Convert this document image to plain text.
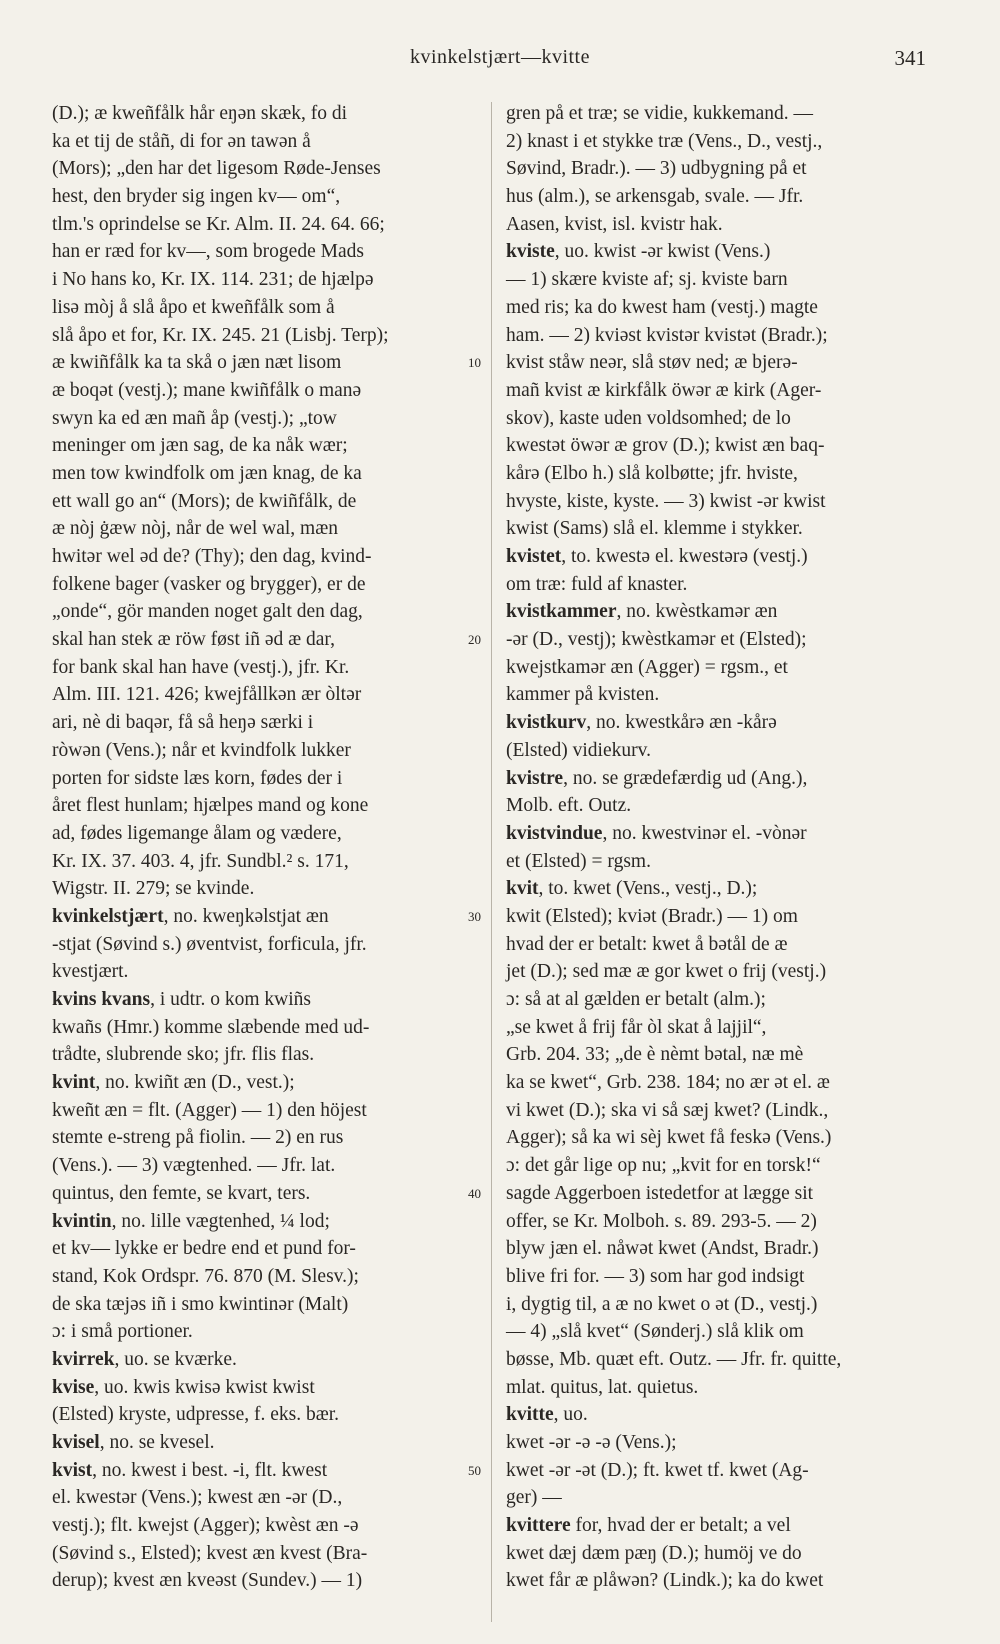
kvinkelstjært—kvitte	341
(D.); æ kweñfålk hår eŋən skæk, fo di
ka et tij de ståñ, di for ən tawən å
(Mors); „den har det ligesom Røde-Jenses
hest, den bryder sig ingen kv— om“,
tlm.'s oprindelse se Kr. Alm. II. 24. 64. 66;
han er ræd for kv—, som brogede Mads
i No hans ko, Kr. IX. 114. 231; de hjælpə
lisə mòj å slå åpo et kweñfålk som å
slå åpo et for, Kr. IX. 245. 21 (Lisbj. Terp);
æ kwiñfålk ka ta skå o jæn næt lisom
æ boqət (vestj.); mane kwiñfålk o manə
swyn ka ed æn mañ åp (vestj.); „tow
meninger om jæn sag, de ka nåk wær;
men tow kwindfolk om jæn knag, de ka
ett wall go an“ (Mors); de kwiñfålk, de
æ nòj ġæw nòj, når de wel wal, mæn
hwitər wel əd de? (Thy); den dag, kvind-
folkene bager (vasker og brygger), er de
„onde“, gör manden noget galt den dag,
skal han stek æ röw føst iñ əd æ dar,
for bank skal han have (vestj.), jfr. Kr.
Alm. III. 121. 426; kwejfållkən ær òltər
ari, nè di baqər, få så heŋə særki i
ròwən (Vens.); når et kvindfolk lukker
porten for sidste læs korn, fødes der i
året flest hunlam; hjælpes mand og kone
ad, fødes ligemange ålam og vædere,
Kr. IX. 37. 403. 4, jfr. Sundbl.² s. 171,
Wigstr. II. 279; se kvinde.
kvinkelstjært, no. kweŋkəlstjat æn
-stjat (Søvind s.) øventvist, forficula, jfr.
kvestjært.
kvins kvans, i udtr. o kom kwiñs
kwañs (Hmr.) komme slæbende med ud-
trådte, slubrende sko; jfr. flis flas.
kvint, no. kwiñt æn (D., vest.);
kweñt æn = flt. (Agger) — 1) den höjest
stemte e-streng på fiolin. — 2) en rus
(Vens.). — 3) vægtenhed. — Jfr. lat.
quintus, den femte, se kvart, ters.
kvintin, no. lille vægtenhed, ¼ lod;
et kv— lykke er bedre end et pund for-
stand, Kok Ordspr. 76. 870 (M. Slesv.);
de ska tæjəs iñ i smo kwintinər (Malt)
ɔ: i små portioner.
kvirrek, uo. se kværke.
kvise, uo. kwis kwisə kwist kwist
(Elsted) kryste, udpresse, f. eks. bær.
kvisel, no. se kvesel.
kvist, no. kwest i best. -i, flt. kwest
el. kwestər (Vens.); kwest æn -ər (D.,
vestj.); flt. kwejst (Agger); kwèst æn -ə
(Søvind s., Elsted); kvest æn kvest (Bra-
derup); kvest æn kveəst (Sundev.) — 1)
10
20
30
40
50
gren på et træ; se vidie, kukkemand. —
2) knast i et stykke træ (Vens., D., vestj.,
Søvind, Bradr.). — 3) udbygning på et
hus (alm.), se arkensgab, svale. — Jfr.
Aasen, kvist, isl. kvistr hak.
kviste, uo. kwist -ər kwist (Vens.)
— 1) skære kviste af; sj. kviste barn
med ris; ka do kwest ham (vestj.) magte
ham. — 2) kviəst kvistər kvistət (Bradr.);
kvist ståw neər, slå støv ned; æ bjerə-
mañ kvist æ kirkfålk öwər æ kirk (Ager-
skov), kaste uden voldsomhed; de lo
kwestət öwər æ grov (D.); kwist æn baq-
kårə (Elbo h.) slå kolbøtte; jfr. hviste,
hvyste, kiste, kyste. — 3) kwist -ər kwist
kwist (Sams) slå el. klemme i stykker.
kvistet, to. kwestə el. kwestərə (vestj.)
om træ: fuld af knaster.
kvistkammer, no. kwèstkamər æn
-ər (D., vestj); kwèstkamər et (Elsted);
kwejstkamər æn (Agger) = rgsm., et
kammer på kvisten.
kvistkurv, no. kwestkårə æn -kårə
(Elsted) vidiekurv.
kvistre, no. se grædefærdig ud (Ang.),
Molb. eft. Outz.
kvistvindue, no. kwestvinər el. -vònər
et (Elsted) = rgsm.
kvit, to. kwet (Vens., vestj., D.);
kwit (Elsted); kviət (Bradr.) — 1) om
hvad der er betalt: kwet å bətål de æ
jet (D.); sed mæ æ gor kwet o frij (vestj.)
ɔ: så at al gælden er betalt (alm.);
„se kwet å frij får òl skat å lajjil“,
Grb. 204. 33; „de è nèmt bətal, næ mè
ka se kwet“, Grb. 238. 184; no ær ət el. æ
vi kwet (D.); ska vi så sæj kwet? (Lindk.,
Agger); så ka wi sèj kwet få feskə (Vens.)
ɔ: det går lige op nu; „kvit for en torsk!“
sagde Aggerboen istedetfor at lægge sit
offer, se Kr. Molboh. s. 89. 293-5. — 2)
blyw jæn el. nåwət kwet (Andst, Bradr.)
blive fri for. — 3) som har god indsigt
i, dygtig til, a æ no kwet o ət (D., vestj.)
— 4) „slå kvet“ (Sønderj.) slå klik om
bøsse, Mb. quæt eft. Outz. — Jfr. fr. quitte,
mlat. quitus, lat. quietus.
kvitte, uo.
kwet -ər -ə -ə (Vens.);
kwet -ər -ət (D.); ft. kwet tf. kwet (Ag-
ger) —
kvittere for, hvad der er betalt; a vel
kwet dæj dæm pæŋ (D.); humöj ve do
kwet får æ plåwən? (Lindk.); ka do kwet
